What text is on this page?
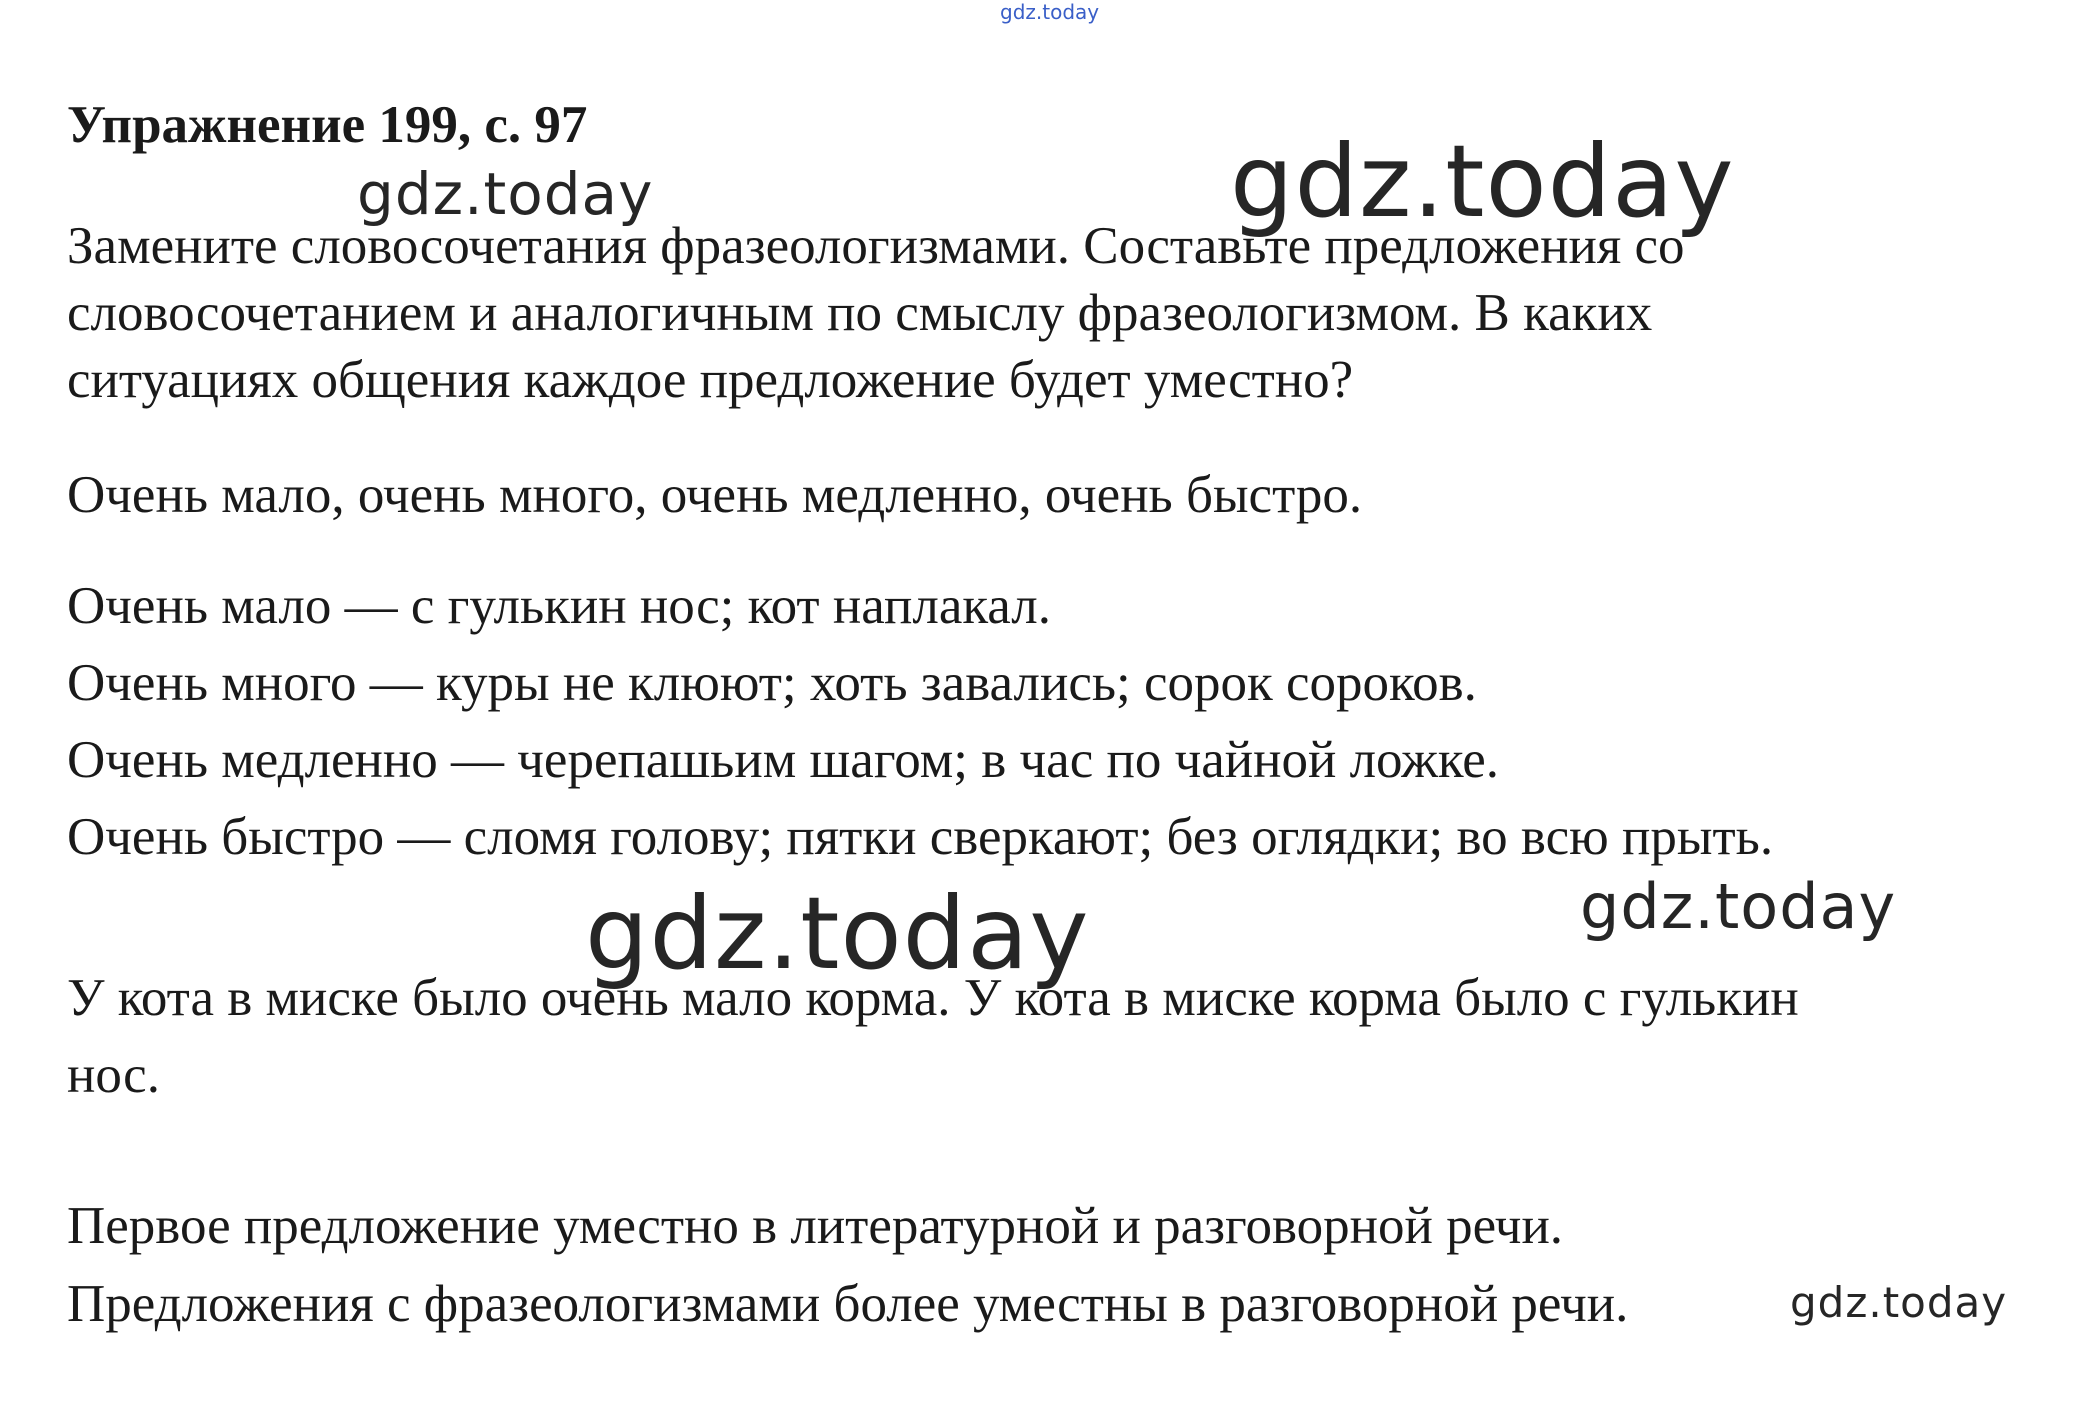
gdz.today
Упражнение 199, с. 97
Замените словосочетания фразеологизмами. Составьте предложения со
словосочетанием и аналогичным по смыслу фразеологизмом. В каких
ситуациях общения каждое предложение будет уместно?
Очень мало, очень много, очень медленно, очень быстро.
Очень мало — с гулькин нос; кот наплакал.
Очень много — куры не клюют; хоть завались; сорок сороков.
Очень медленно — черепашьим шагом; в час по чайной ложке.
Очень быстро — сломя голову; пятки сверкают; без оглядки; во всю прыть.
У кота в миске было очень мало корма. У кота в миске корма было с гулькин
нос.
Первое предложение уместно в литературной и разговорной речи.
Предложения с фразеологизмами более уместны в разговорной речи.
gdz.today	gdz.today
gdz.today	gdz.today
gdz.today
